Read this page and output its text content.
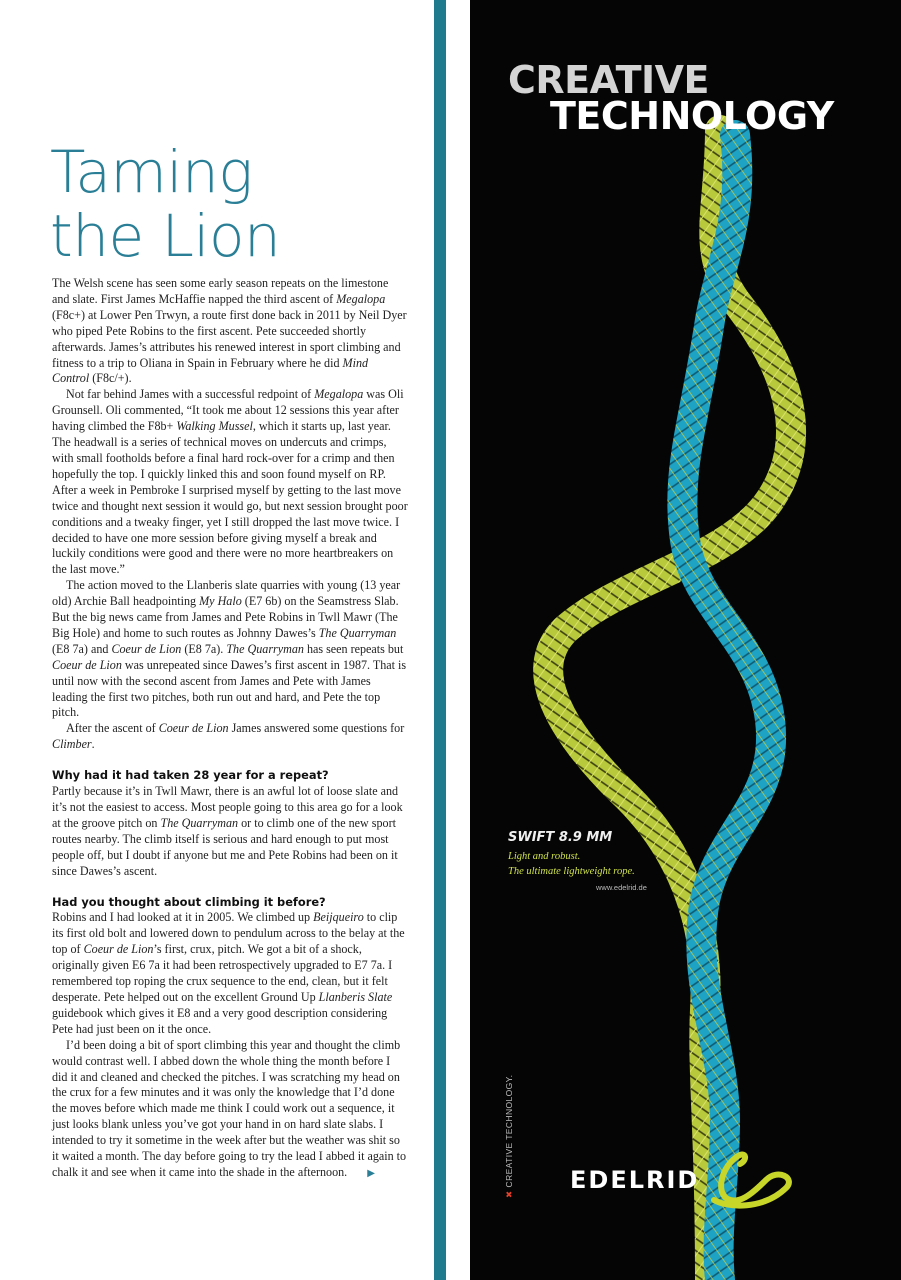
Taming
the Lion

The Welsh scene has seen some early season repeats on the limestone and slate. First James McHaffie napped the third ascent of Megalopa (F8c+) at Lower Pen Trwyn, a route first done back in 2011 by Neil Dyer who piped Pete Robins to the first ascent. Pete succeeded shortly afterwards. James’s attributes his renewed interest in sport climbing and fitness to a trip to Oliana in Spain in February where he did Mind Control (F8c/+).

Not far behind James with a successful redpoint of Megalopa was Oli Grounsell. Oli commented, “It took me about 12 sessions this year after having climbed the F8b+ Walking Mussel, which it starts up, last year. The headwall is a series of technical moves on undercuts and crimps, with small footholds before a final hard rock-over for a crimp and then hopefully the top. I quickly linked this and soon found myself on RP. After a week in Pembroke I surprised myself by getting to the last move twice and thought next session it would go, but next session brought poor conditions and a tweaky finger, yet I still dropped the last move twice. I decided to have one more session before giving myself a break and luckily conditions were good and there were no more heartbreakers on the last move.”

The action moved to the Llanberis slate quarries with young (13 year old) Archie Ball headpointing My Halo (E7 6b) on the Seamstress Slab. But the big news came from James and Pete Robins in Twll Mawr (The Big Hole) and home to such routes as Johnny Dawes’s The Quarryman (E8 7a) and Coeur de Lion (E8 7a). The Quarryman has seen repeats but Coeur de Lion was unrepeated since Dawes’s first ascent in 1987. That is until now with the second ascent from James and Pete with James leading the first two pitches, both run out and hard, and Pete the top pitch.

After the ascent of Coeur de Lion James answered some questions for Climber.

Why had it had taken 28 year for a repeat?

Partly because it’s in Twll Mawr, there is an awful lot of loose slate and it’s not the easiest to access. Most people going to this area go for a look at the groove pitch on The Quarryman or to climb one of the new sport routes nearby. The climb itself is serious and hard enough to put most people off, but I doubt if anyone but me and Pete Robins had been on it since Dawes’s ascent.

Had you thought about climbing it before?

Robins and I had looked at it in 2005. We climbed up Beijqueiro to clip its first old bolt and lowered down to pendulum across to the belay at the top of Coeur de Lion’s first, crux, pitch. We got a bit of a shock, originally given E6 7a it had been retrospectively upgraded to E7 7a. I remembered top roping the crux sequence to the end, clean, but it felt desperate. Pete helped out on the excellent Ground Up Llanberis Slate guidebook which gives it E8 and a very good description considering Pete had just been on it the once.

I’d been doing a bit of sport climbing this year and thought the climb would contrast well. I abbed down the whole thing the month before I did it and cleaned and checked the pitches. I was scratching my head on the crux for a few minutes and it was only the knowledge that I’d done the moves before which made me think I could work out a sequence, it just looks blank unless you’ve got your hand in on hard slate slabs. I intended to try it sometime in the week after but the weather was shit so it waited a month. The day before going to try the lead I abbed it again to chalk it and see when it came into the shade in the afternoon. ▶

CREATIVE
TECHNOLOGY
SWIFT 8.9 MM
Light and robust.
The ultimate lightweight rope.
www.edelrid.de
✖CREATIVE TECHNOLOGY. EDELRID
